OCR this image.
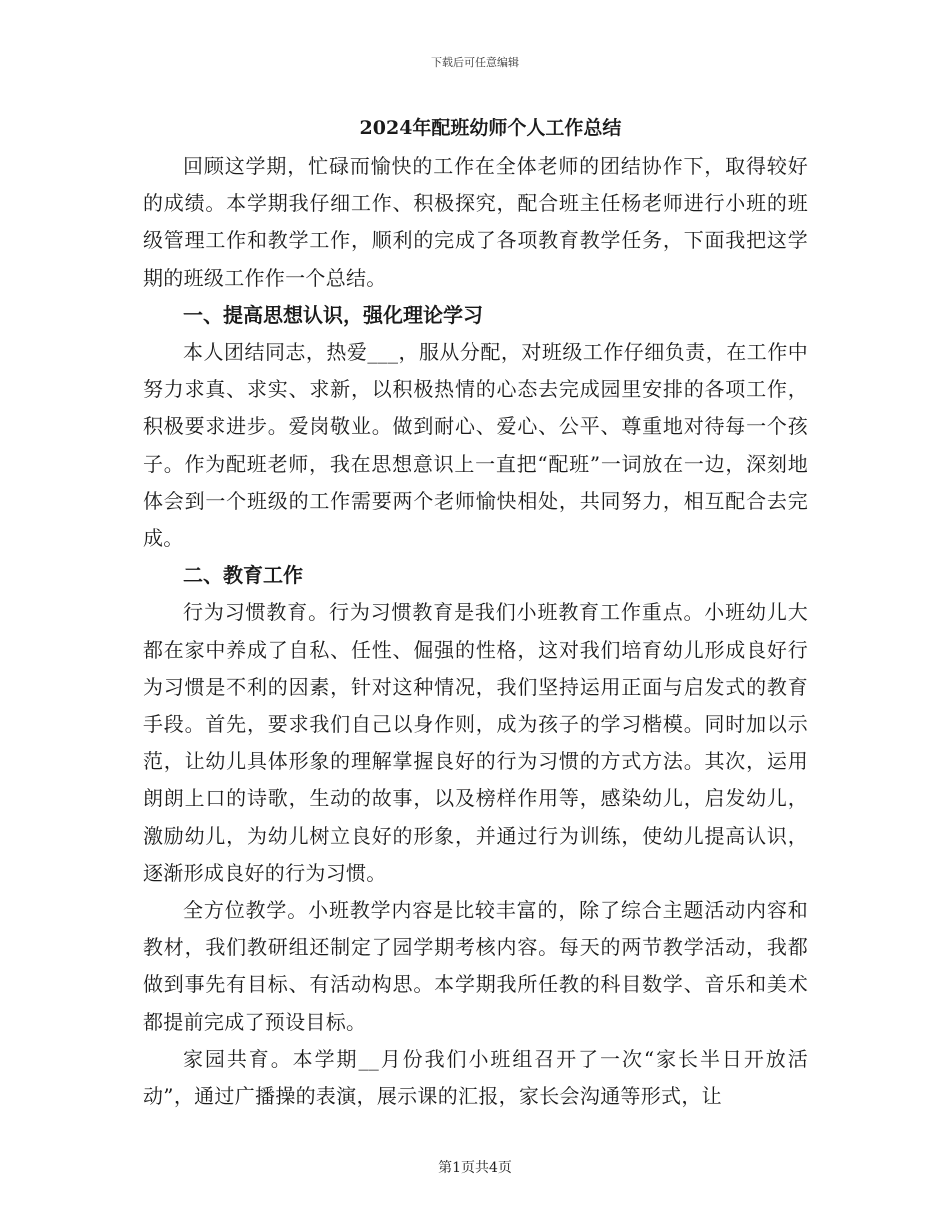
下载后可任意编辑
2024年配班幼师个人工作总结

回顾这学期，忙碌而愉快的工作在全体老师的团结协作下，取得较好的成绩。本学期我仔细工作、积极探究，配合班主任杨老师进行小班的班级管理工作和教学工作，顺利的完成了各项教育教学任务，下面我把这学期的班级工作作一个总结。

一、提高思想认识，强化理论学习

本人团结同志，热爱___，服从分配，对班级工作仔细负责，在工作中努力求真、求实、求新，以积极热情的心态去完成园里安排的各项工作，积极要求进步。爱岗敬业。做到耐心、爱心、公平、尊重地对待每一个孩子。作为配班老师，我在思想意识上一直把“配班”一词放在一边，深刻地体会到一个班级的工作需要两个老师愉快相处，共同努力，相互配合去完成。

二、教育工作

行为习惯教育。行为习惯教育是我们小班教育工作重点。小班幼儿大都在家中养成了自私、任性、倔强的性格，这对我们培育幼儿形成良好行为习惯是不利的因素，针对这种情况，我们坚持运用正面与启发式的教育手段。首先，要求我们自己以身作则，成为孩子的学习楷模。同时加以示范，让幼儿具体形象的理解掌握良好的行为习惯的方式方法。其次，运用朗朗上口的诗歌，生动的故事，以及榜样作用等，感染幼儿，启发幼儿，激励幼儿，为幼儿树立良好的形象，并通过行为训练，使幼儿提高认识，逐渐形成良好的行为习惯。

全方位教学。小班教学内容是比较丰富的，除了综合主题活动内容和教材，我们教研组还制定了园学期考核内容。每天的两节教学活动，我都做到事先有目标、有活动构思。本学期我所任教的科目数学、音乐和美术都提前完成了预设目标。

家园共育。本学期__月份我们小班组召开了一次“家长半日开放活动”，通过广播操的表演，展示课的汇报，家长会沟通等形式，让

第1页共4页
